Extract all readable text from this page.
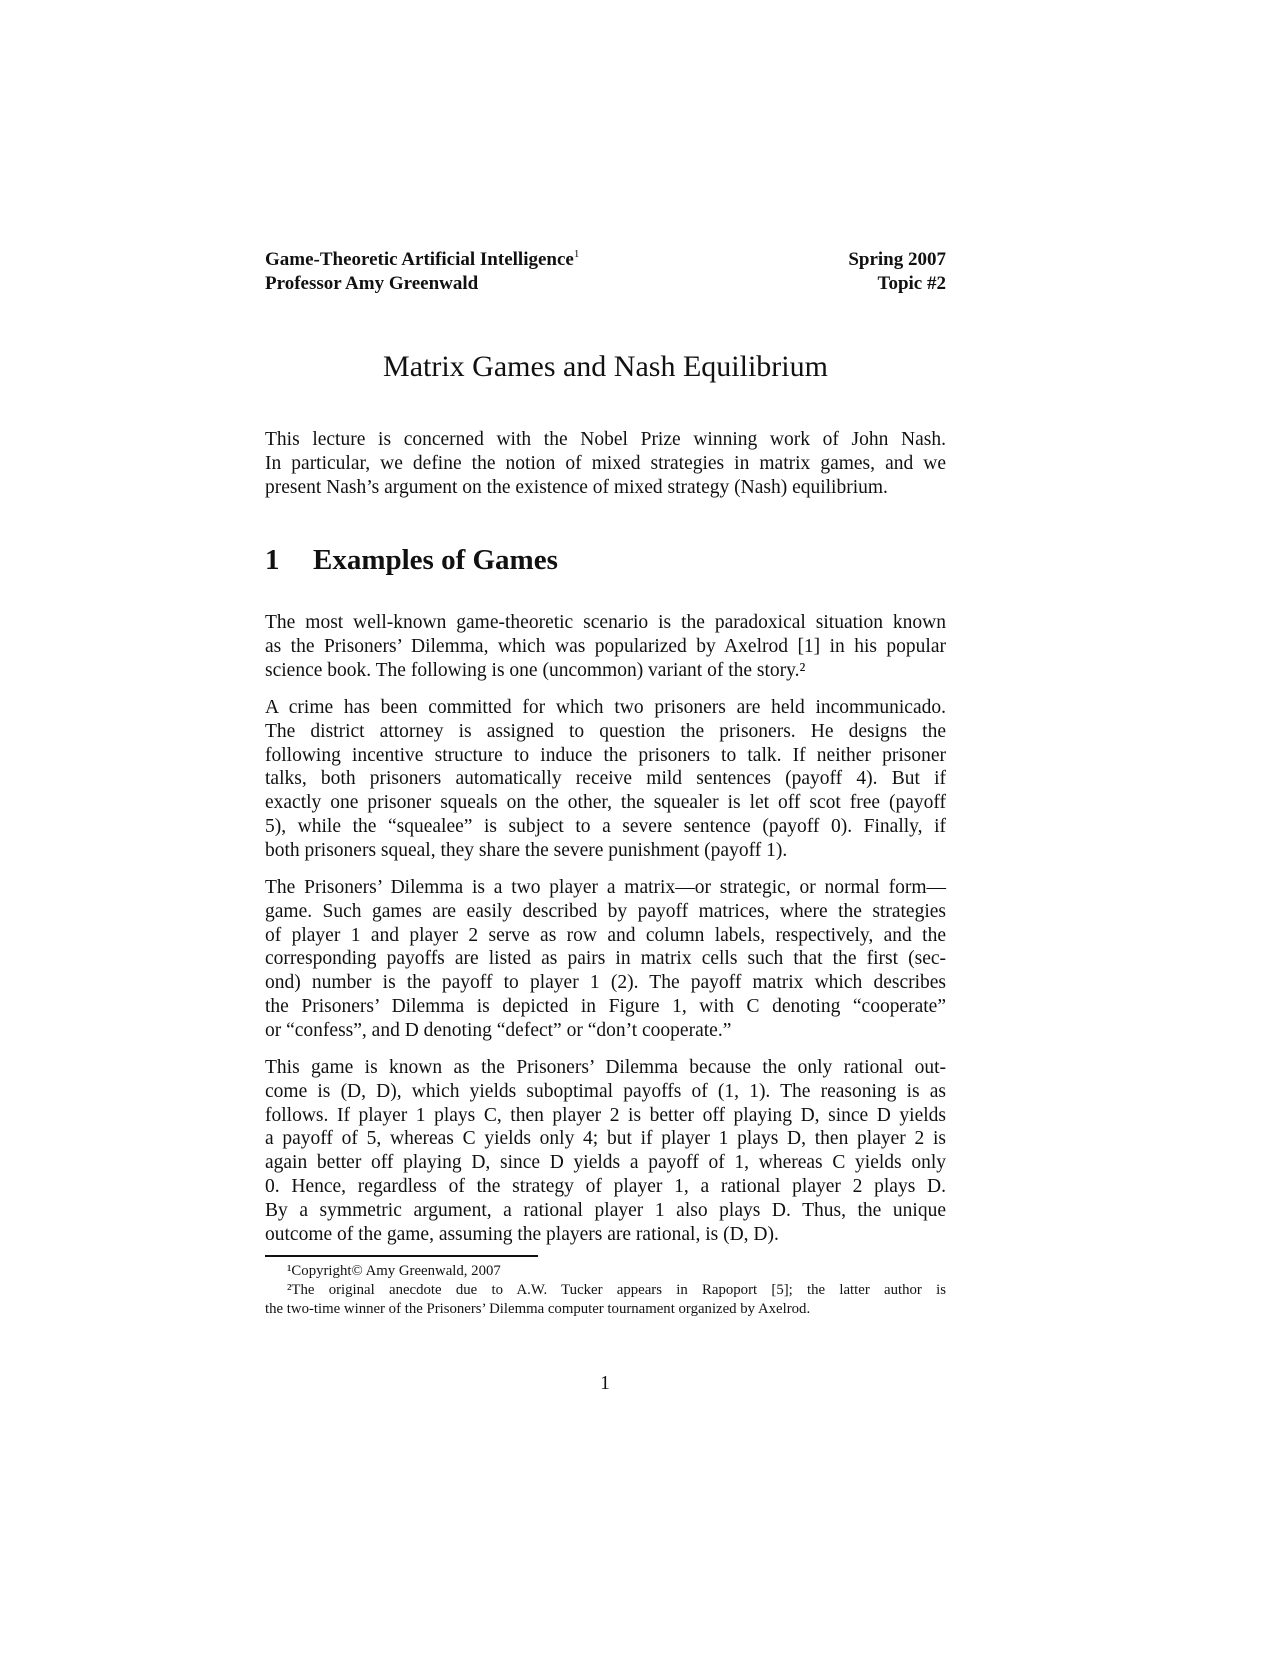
Game-Theoretic Artificial Intelligence$^1$
Professor Amy Greenwald
Spring 2007
Topic #2
Matrix Games and Nash Equilibrium
This lecture is concerned with the Nobel Prize winning work of John Nash.
In particular, we define the notion of mixed strategies in matrix games, and we
present Nash’s argument on the existence of mixed strategy (Nash) equilibrium.
1 Examples of Games
The most well-known game-theoretic scenario is the paradoxical situation known
as the Prisoners’ Dilemma, which was popularized by Axelrod [1] in his popular
science book. The following is one (uncommon) variant of the story.²
A crime has been committed for which two prisoners are held incommunicado.
The district attorney is assigned to question the prisoners. He designs the
following incentive structure to induce the prisoners to talk. If neither prisoner
talks, both prisoners automatically receive mild sentences (payoff 4). But if
exactly one prisoner squeals on the other, the squealer is let off scot free (payoff
5), while the “squealee” is subject to a severe sentence (payoff 0). Finally, if
both prisoners squeal, they share the severe punishment (payoff 1).
The Prisoners’ Dilemma is a two player a matrix—or strategic, or normal form—
game. Such games are easily described by payoff matrices, where the strategies
of player 1 and player 2 serve as row and column labels, respectively, and the
corresponding payoffs are listed as pairs in matrix cells such that the first (sec-
ond) number is the payoff to player 1 (2). The payoff matrix which describes
the Prisoners’ Dilemma is depicted in Figure 1, with C denoting “cooperate”
or “confess”, and D denoting “defect” or “don’t cooperate.”
This game is known as the Prisoners’ Dilemma because the only rational out-
come is (D, D), which yields suboptimal payoffs of (1, 1). The reasoning is as
follows. If player 1 plays C, then player 2 is better off playing D, since D yields
a payoff of 5, whereas C yields only 4; but if player 1 plays D, then player 2 is
again better off playing D, since D yields a payoff of 1, whereas C yields only
0. Hence, regardless of the strategy of player 1, a rational player 2 plays D.
By a symmetric argument, a rational player 1 also plays D. Thus, the unique
outcome of the game, assuming the players are rational, is (D, D).
¹Copyright© Amy Greenwald, 2007
²The original anecdote due to A.W. Tucker appears in Rapoport [5]; the latter author is
the two-time winner of the Prisoners’ Dilemma computer tournament organized by Axelrod.
1
